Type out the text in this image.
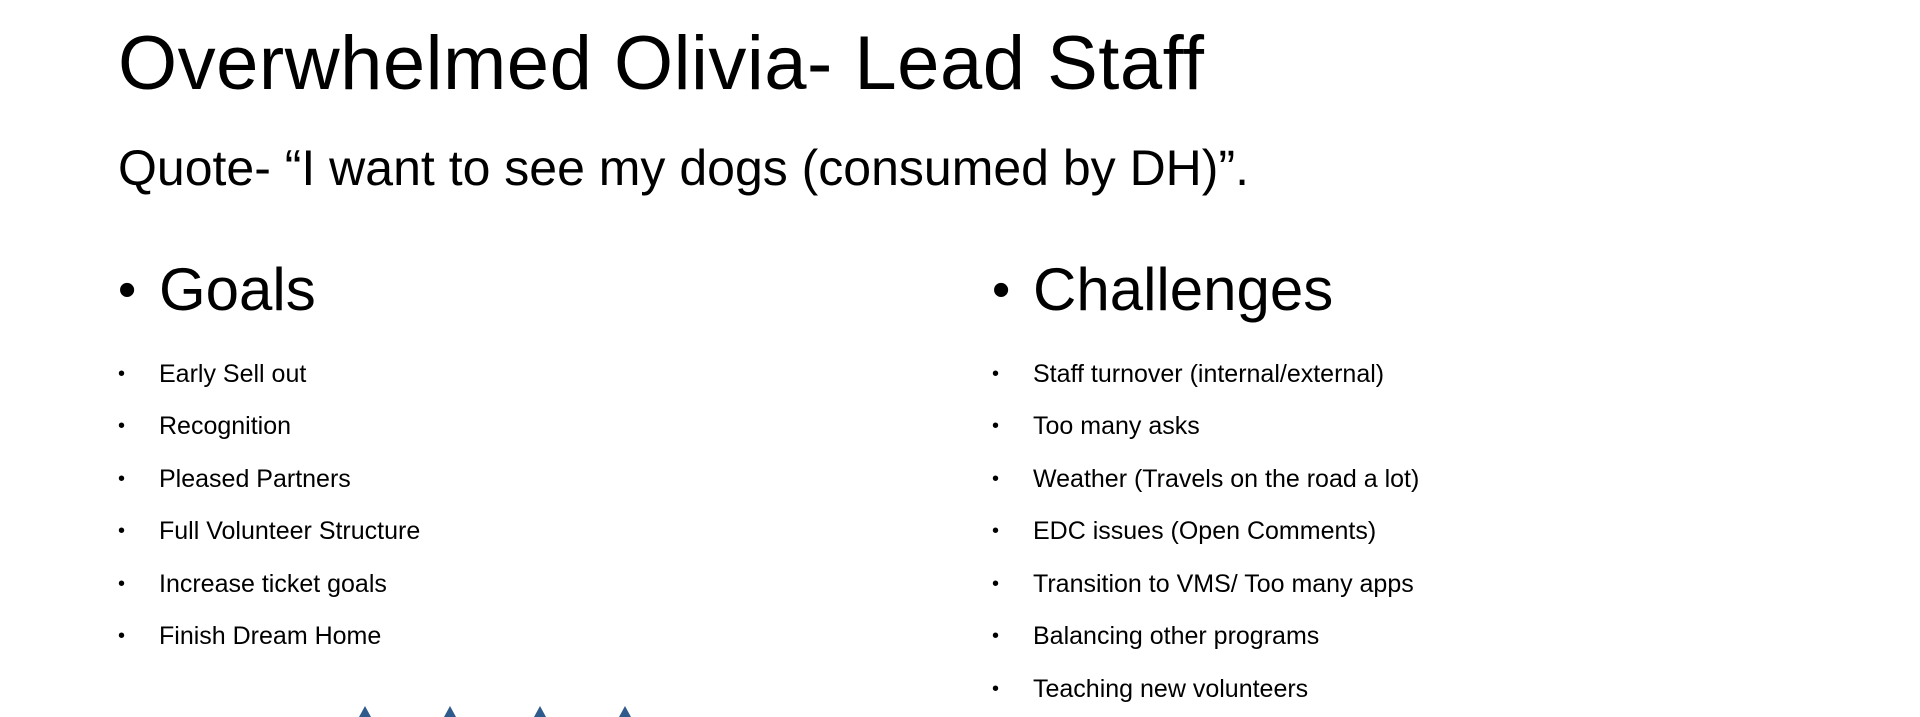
Overwhelmed Olivia- Lead Staff
Quote- “I want to see my dogs (consumed by DH)”.
• Goals
•	Early Sell out
•	Recognition
•	Pleased Partners
•	Full Volunteer Structure
•	Increase ticket goals
•	Finish Dream Home
• Challenges
•	Staff turnover (internal/external)
•	Too many asks
•	Weather (Travels on the road a lot)
•	EDC issues (Open Comments)
•	Transition to VMS/ Too many apps
•	Balancing other programs
•	Teaching new volunteers
